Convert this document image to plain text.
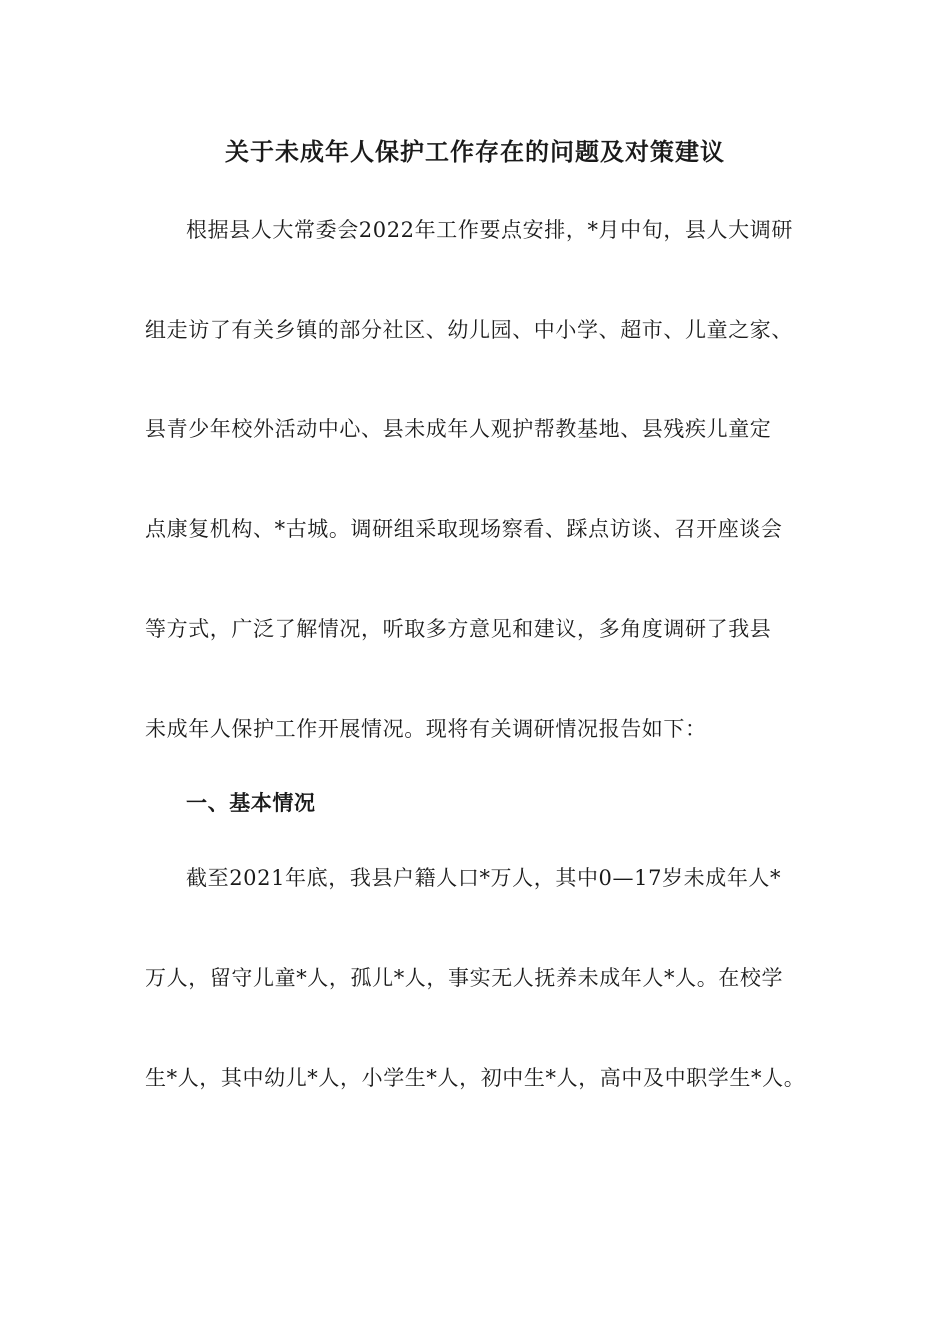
关于未成年人保护工作存在的问题及对策建议
根据县人大常委会2022年工作要点安排，*月中旬，县人大调研
组走访了有关乡镇的部分社区、幼儿园、中小学、超市、儿童之家、
县青少年校外活动中心、县未成年人观护帮教基地、县残疾儿童定
点康复机构、*古城。调研组采取现场察看、踩点访谈、召开座谈会
等方式，广泛了解情况，听取多方意见和建议，多角度调研了我县
未成年人保护工作开展情况。现将有关调研情况报告如下：
一、基本情况
截至2021年底，我县户籍人口*万人，其中0—17岁未成年人*
万人，留守儿童*人，孤儿*人，事实无人抚养未成年人*人。在校学
生*人，其中幼儿*人，小学生*人，初中生*人，高中及中职学生*人。
